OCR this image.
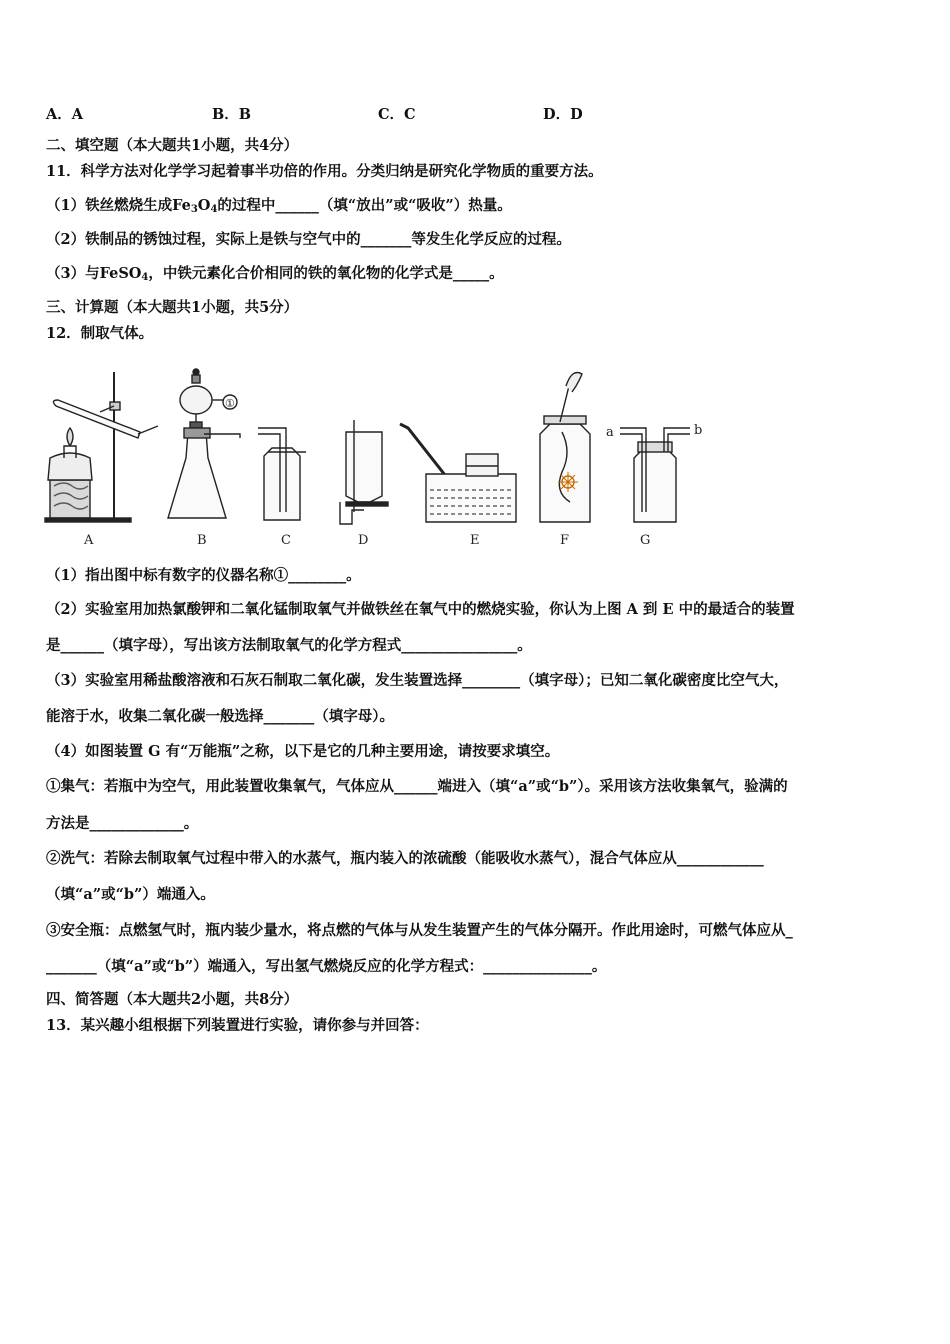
A．A	B．B	C．C	D．D
二、填空题（本大题共1小题，共4分）
11．科学方法对化学学习起着事半功倍的作用。分类归纳是研究化学物质的重要方法。
（1）铁丝燃烧生成$Fe_3O_4$的过程中______（填“放出”或“吸收”）热量。
（2）铁制品的锈蚀过程，实际上是铁与空气中的_______等发生化学反应的过程。
（3）与FeSO$_4$，中铁元素化合价相同的铁的氧化物的化学式是_____。
三、计算题（本大题共1小题，共5分）
12．制取气体。
A	B	C	D	E	F	G
①
a	b
（1）指出图中标有数字的仪器名称①________。
（2）实验室用加热氯酸钾和二氧化锰制取氧气并做铁丝在氧气中的燃烧实验，你认为上图 A 到 E 中的最适合的装置
是______（填字母），写出该方法制取氧气的化学方程式________________。
（3）实验室用稀盐酸溶液和石灰石制取二氧化碳，发生装置选择________（填字母）；已知二氧化碳密度比空气大，
能溶于水，收集二氧化碳一般选择_______（填字母）。
（4）如图装置 G 有“万能瓶”之称，以下是它的几种主要用途，请按要求填空。
①集气：若瓶中为空气，用此装置收集氧气，气体应从______端进入（填“a”或“b”）。采用该方法收集氧气，验满的
方法是_____________。
②洗气：若除去制取氧气过程中带入的水蒸气，瓶内装入的浓硫酸（能吸收水蒸气），混合气体应从____________
（填“a”或“b”）端通入。
③安全瓶：点燃氢气时，瓶内装少量水，将点燃的气体与从发生装置产生的气体分隔开。作此用途时，可燃气体应从_
_______（填“a”或“b”）端通入，写出氢气燃烧反应的化学方程式：_______________。
四、简答题（本大题共2小题，共8分）
13．某兴趣小组根据下列装置进行实验，请你参与并回答：
